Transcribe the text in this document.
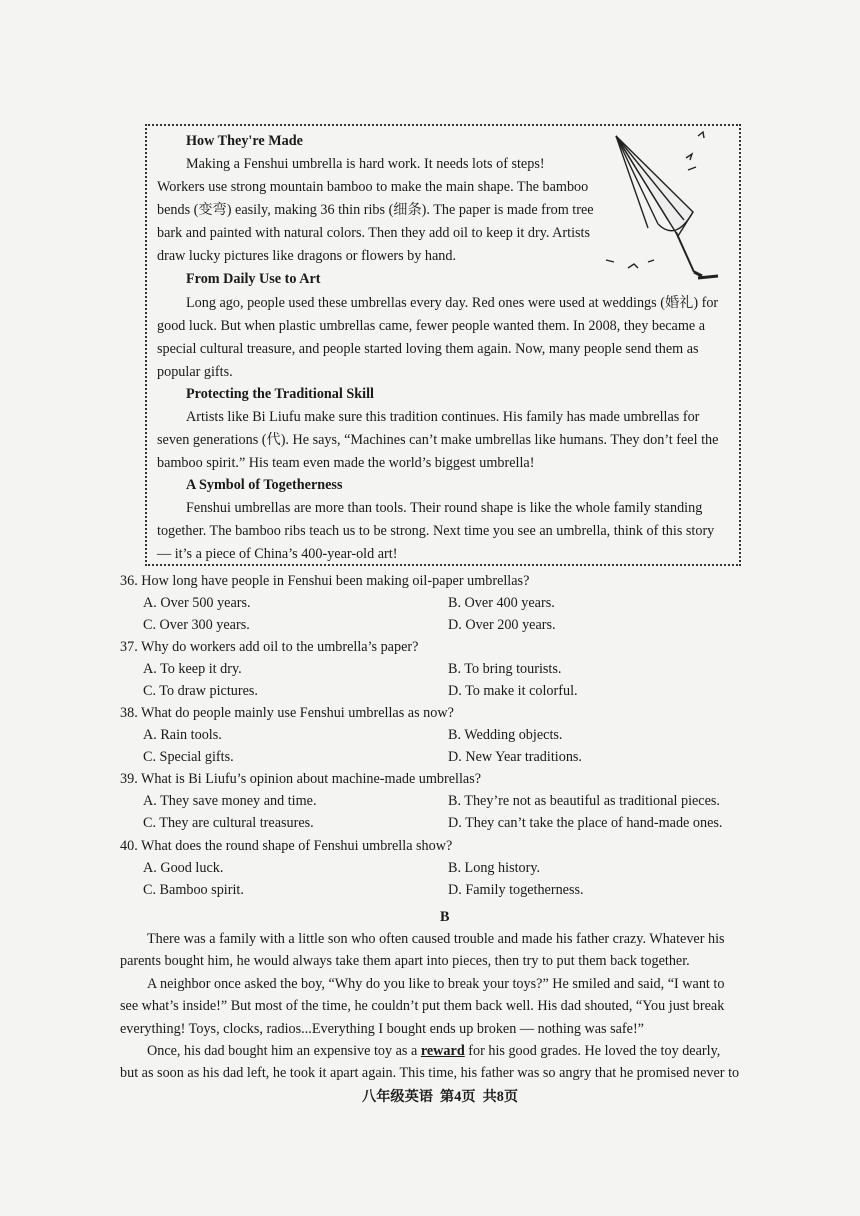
How They're Made
Making a Fenshui umbrella is hard work. It needs lots of steps!
Workers use strong mountain bamboo to make the main shape. The bamboo
bends (变弯) easily, making 36 thin ribs (细条). The paper is made from tree
bark and painted with natural colors. Then they add oil to keep it dry. Artists
draw lucky pictures like dragons or flowers by hand.
From Daily Use to Art
Long ago, people used these umbrellas every day. Red ones were used at weddings (婚礼) for
good luck. But when plastic umbrellas came, fewer people wanted them. In 2008, they became a
special cultural treasure, and people started loving them again. Now, many people send them as
popular gifts.
Protecting the Traditional Skill
Artists like Bi Liufu make sure this tradition continues. His family has made umbrellas for
seven generations (代). He says, “Machines can’t make umbrellas like humans. They don’t feel the
bamboo spirit.” His team even made the world’s biggest umbrella!
A Symbol of Togetherness
Fenshui umbrellas are more than tools. Their round shape is like the whole family standing
together. The bamboo ribs teach us to be strong. Next time you see an umbrella, think of this story
— it’s a piece of China’s 400-year-old art!
36. How long have people in Fenshui been making oil-paper umbrellas?
A. Over 500 years.	B. Over 400 years.
C. Over 300 years.	D. Over 200 years.
37. Why do workers add oil to the umbrella’s paper?
A. To keep it dry.	B. To bring tourists.
C. To draw pictures.	D. To make it colorful.
38. What do people mainly use Fenshui umbrellas as now?
A. Rain tools.	B. Wedding objects.
C. Special gifts.	D. New Year traditions.
39. What is Bi Liufu’s opinion about machine-made umbrellas?
A. They save money and time.	B. They’re not as beautiful as traditional pieces.
C. They are cultural treasures.	D. They can’t take the place of hand-made ones.
40. What does the round shape of Fenshui umbrella show?
A. Good luck.	B. Long history.
C. Bamboo spirit.	D. Family togetherness.
B
There was a family with a little son who often caused trouble and made his father crazy. Whatever his
parents bought him, he would always take them apart into pieces, then try to put them back together.
A neighbor once asked the boy, “Why do you like to break your toys?” He smiled and said, “I want to
see what’s inside!” But most of the time, he couldn’t put them back well. His dad shouted, “You just break
everything! Toys, clocks, radios...Everything I bought ends up broken — nothing was safe!”
Once, his dad bought him an expensive toy as a reward for his good grades. He loved the toy dearly,
but as soon as his dad left, he took it apart again. This time, his father was so angry that he promised never to
八年级英语  第4页  共8页
